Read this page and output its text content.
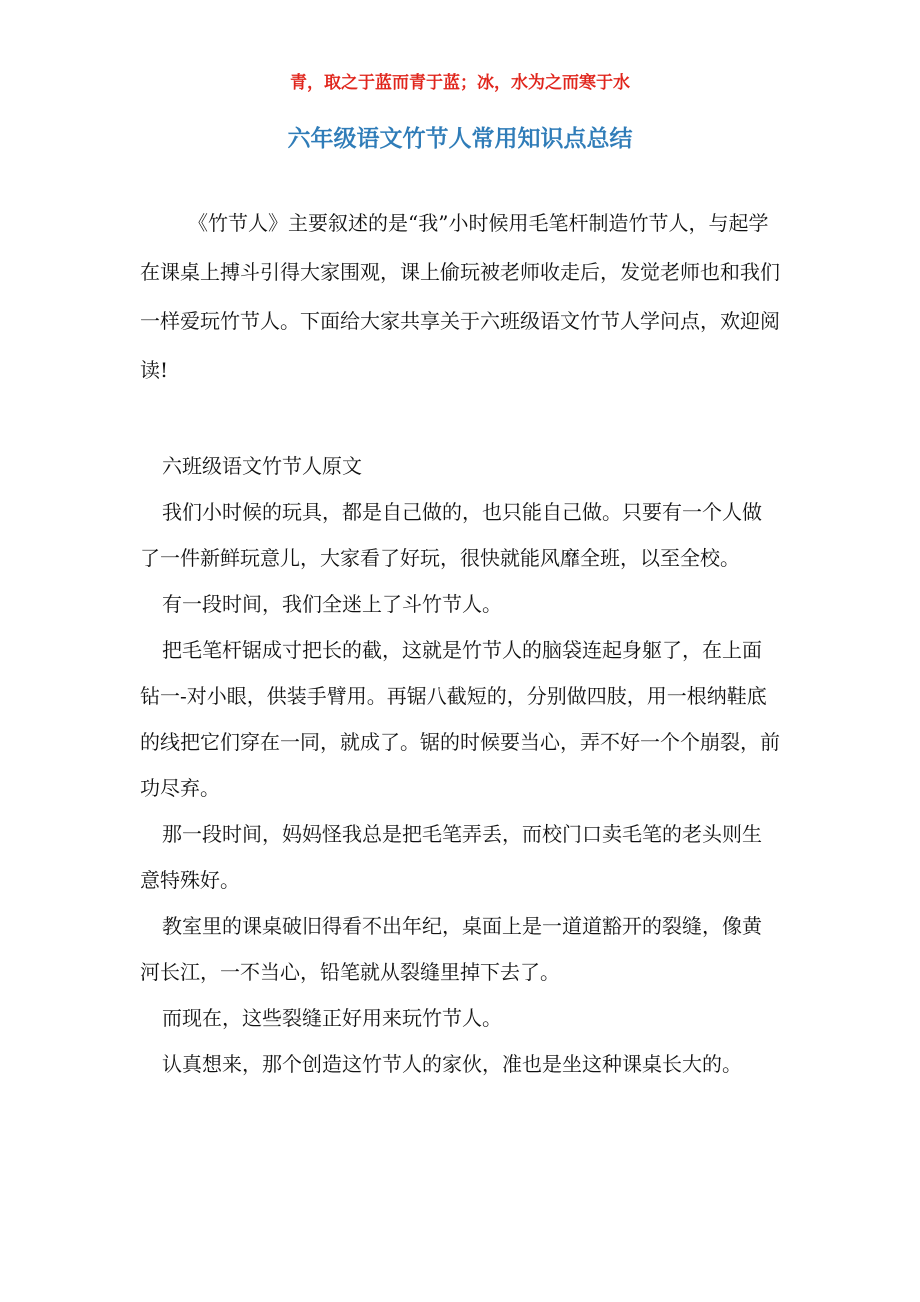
青，取之于蓝而青于蓝；冰，水为之而寒于水
六年级语文竹节人常用知识点总结

《竹节人》主要叙述的是“我”小时候用毛笔杆制造竹节人，与起学在课桌上搏斗引得大家围观，课上偷玩被老师收走后，发觉老师也和我们一样爱玩竹节人。下面给大家共享关于六班级语文竹节人学问点，欢迎阅读!

六班级语文竹节人原文

我们小时候的玩具，都是自己做的，也只能自己做。只要有一个人做了一件新鲜玩意儿，大家看了好玩，很快就能风靡全班，以至全校。

有一段时间，我们全迷上了斗竹节人。

把毛笔杆锯成寸把长的截，这就是竹节人的脑袋连起身躯了，在上面钻一-对小眼，供装手臂用。再锯八截短的，分别做四肢，用一根纳鞋底的线把它们穿在一同，就成了。锯的时候要当心，弄不好一个个崩裂，前功尽弃。

那一段时间，妈妈怪我总是把毛笔弄丢，而校门口卖毛笔的老头则生意特殊好。

教室里的课桌破旧得看不出年纪，桌面上是一道道豁开的裂缝，像黄河长江，一不当心，铅笔就从裂缝里掉下去了。

而现在，这些裂缝正好用来玩竹节人。

认真想来，那个创造这竹节人的家伙，准也是坐这种课桌长大的。
